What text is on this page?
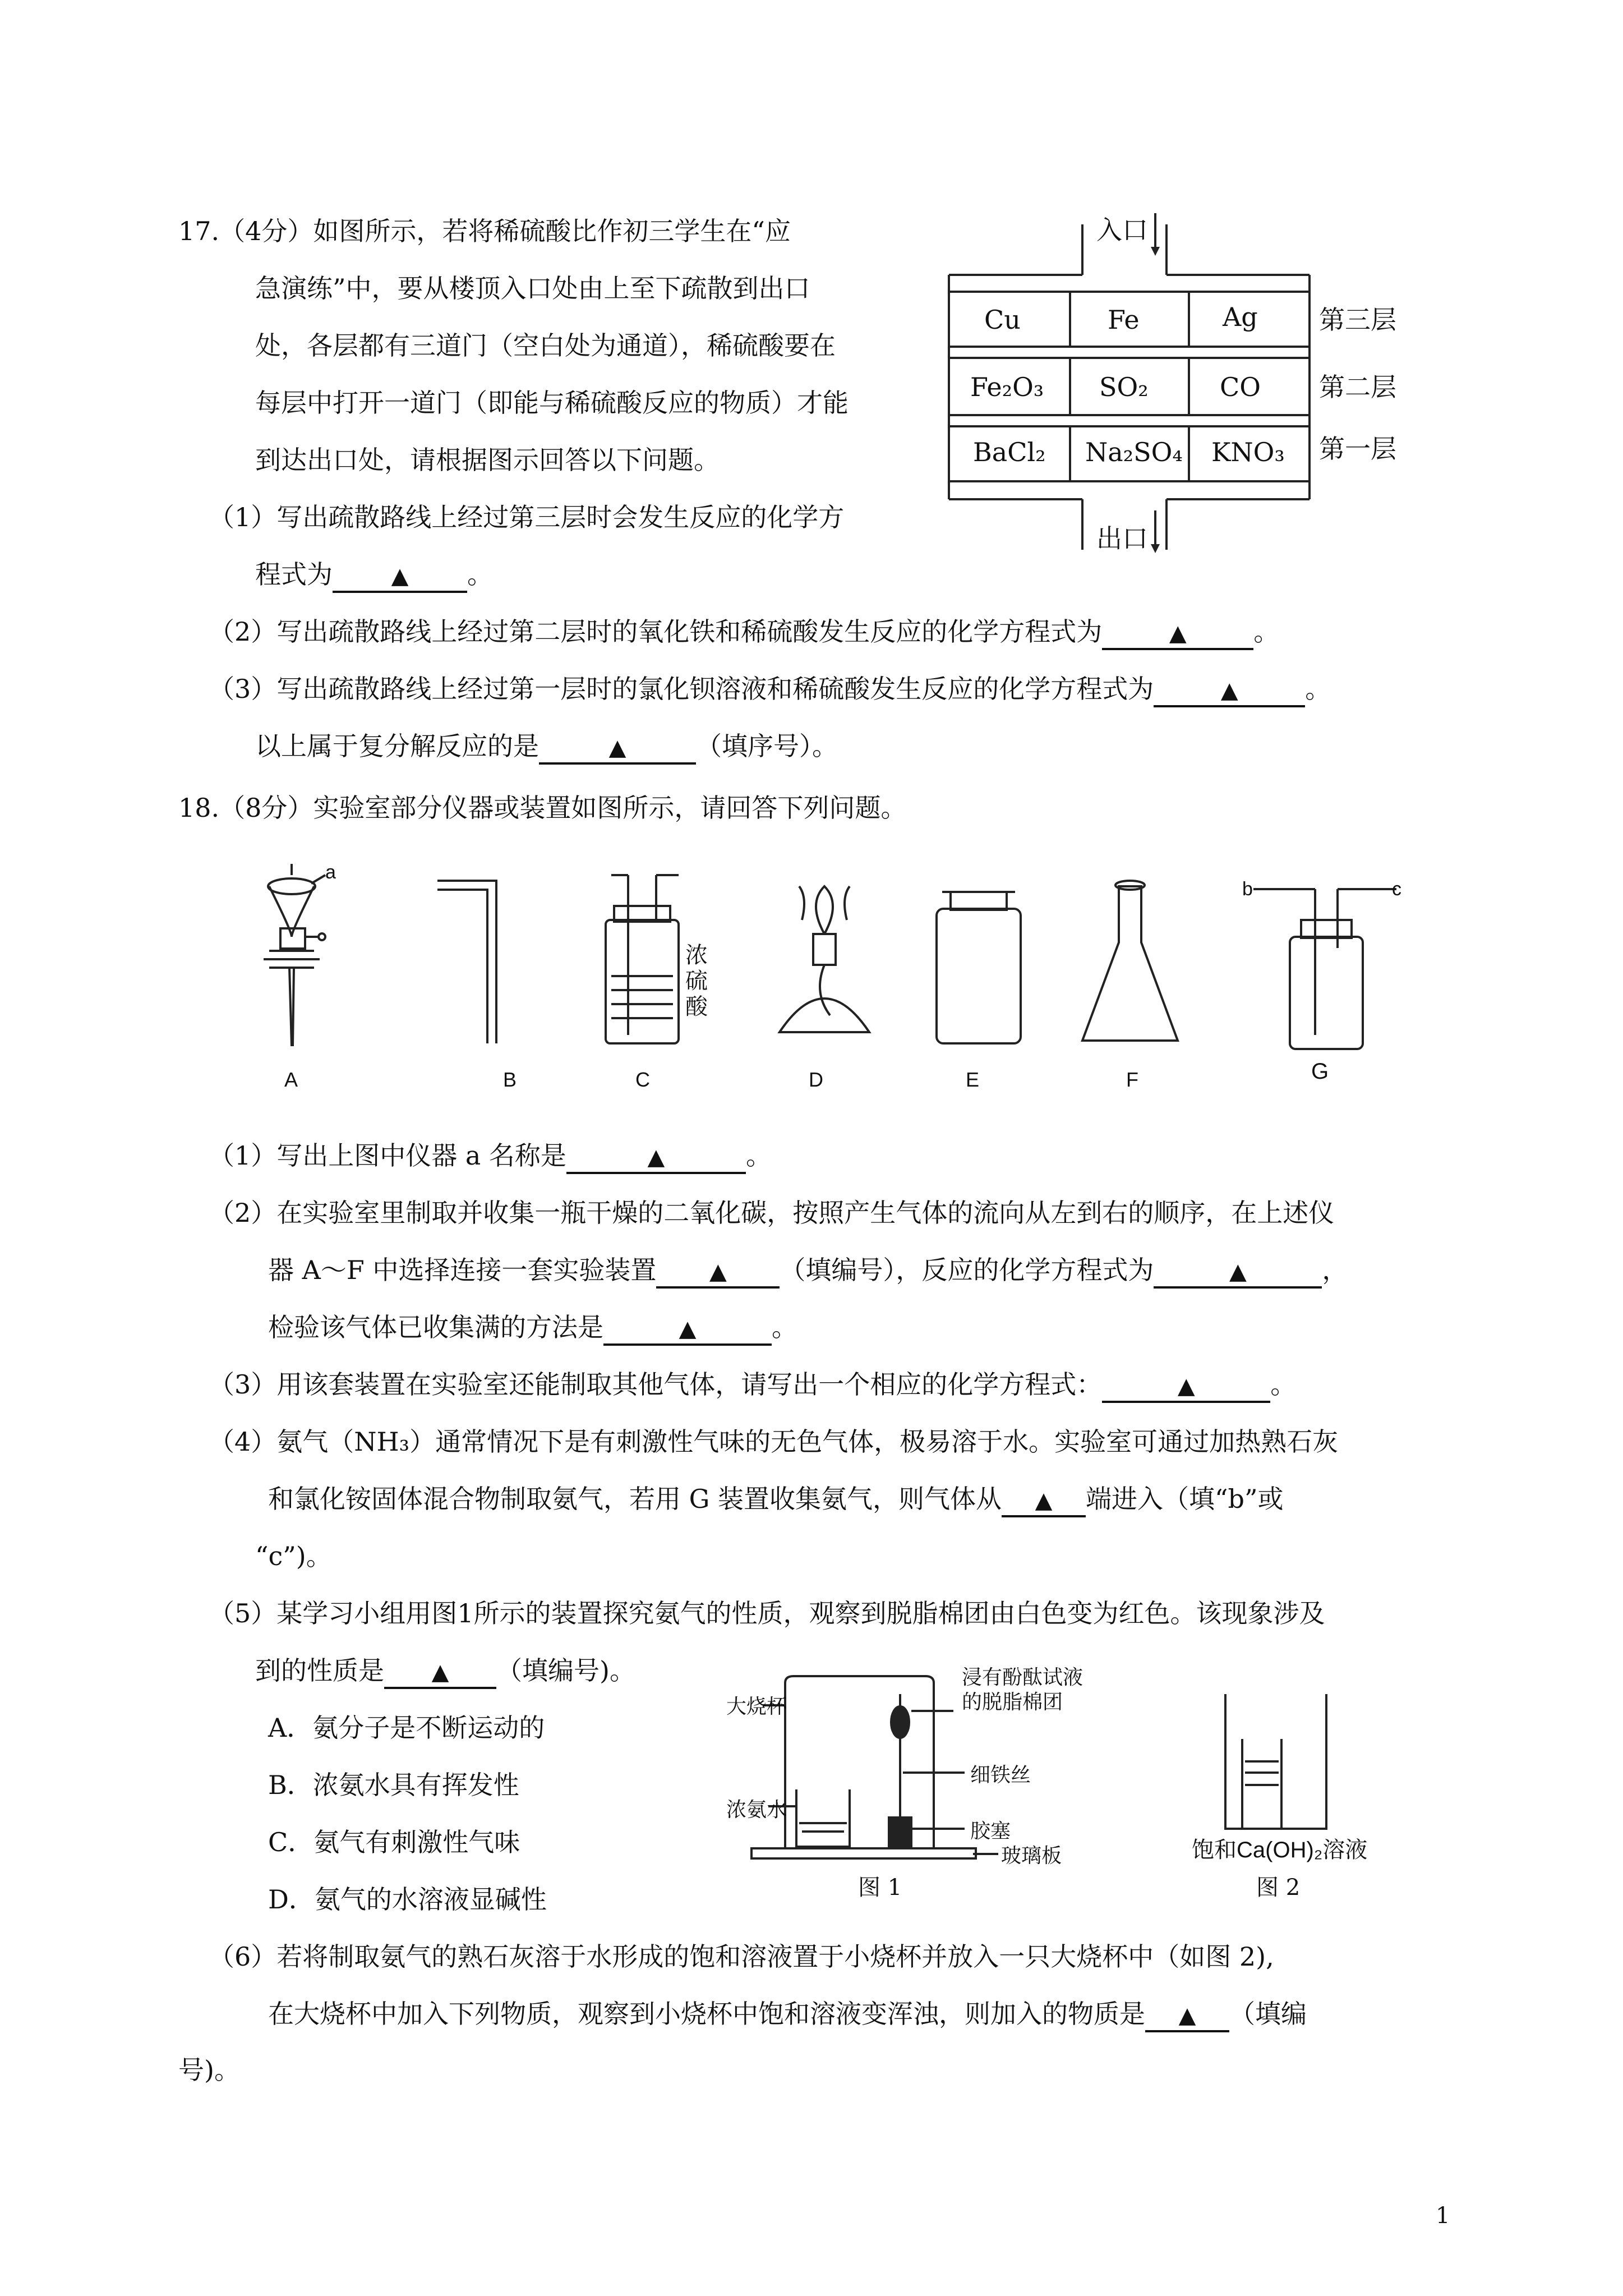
17.（4分）如图所示，若将稀硫酸比作初三学生在“应
急演练”中，要从楼顶入口处由上至下疏散到出口
处，各层都有三道门（空白处为通道），稀硫酸要在
每层中打开一道门（即能与稀硫酸反应的物质）才能
到达出口处，请根据图示回答以下问题。
（1）写出疏散路线上经过第三层时会发生反应的化学方
程式为	▲ 。
（2）写出疏散路线上经过第二层时的氧化铁和稀硫酸发生反应的化学方程式为	▲	。
（3）写出疏散路线上经过第一层时的氯化钡溶液和稀硫酸发生反应的化学方程式为	▲	。
以上属于复分解反应的是	▲	（填序号）。
入口
出口
Cu	Fe	Ag
Fe₂O₃ SO₂	CO
BaCl₂ Na₂SO₄ KNO₃
第三层
第二层
第一层
18.（8分）实验室部分仪器或装置如图所示，请回答下列问题。
a
b	c
浓
硫
酸
A	B	C	D	E	F	G
（1）写出上图中仪器 a 名称是	▲	。
（2）在实验室里制取并收集一瓶干燥的二氧化碳，按照产生气体的流向从左到右的顺序，在上述仪
器 A～F 中选择连接一套实验装置 ▲ （填编号），反应的化学方程式为	▲	，
检验该气体已收集满的方法是	▲	。
（3）用该套装置在实验室还能制取其他气体，请写出一个相应的化学方程式：	▲	。
（4）氨气（NH₃）通常情况下是有刺激性气味的无色气体，极易溶于水。实验室可通过加热熟石灰
和氯化铵固体混合物制取氨气，若用 G 装置收集氨气，则气体从 ▲ 端进入（填“b”或
“c”)。
（5）某学习小组用图1所示的装置探究氨气的性质，观察到脱脂棉团由白色变为红色。该现象涉及
到的性质是 ▲ （填编号)。
A．氨分子是不断运动的
B．浓氨水具有挥发性
C．氨气有刺激性气味
D．氨气的水溶液显碱性
大烧杯
浸有酚酞试液
的脱脂棉团
细铁丝
胶塞
浓氨水
玻璃板
图 1
饱和Ca(OH)₂溶液
图 2
（6）若将制取氨气的熟石灰溶于水形成的饱和溶液置于小烧杯并放入一只大烧杯中（如图 2),
在大烧杯中加入下列物质，观察到小烧杯中饱和溶液变浑浊，则加入的物质是 ▲ （填编
号)。
1
